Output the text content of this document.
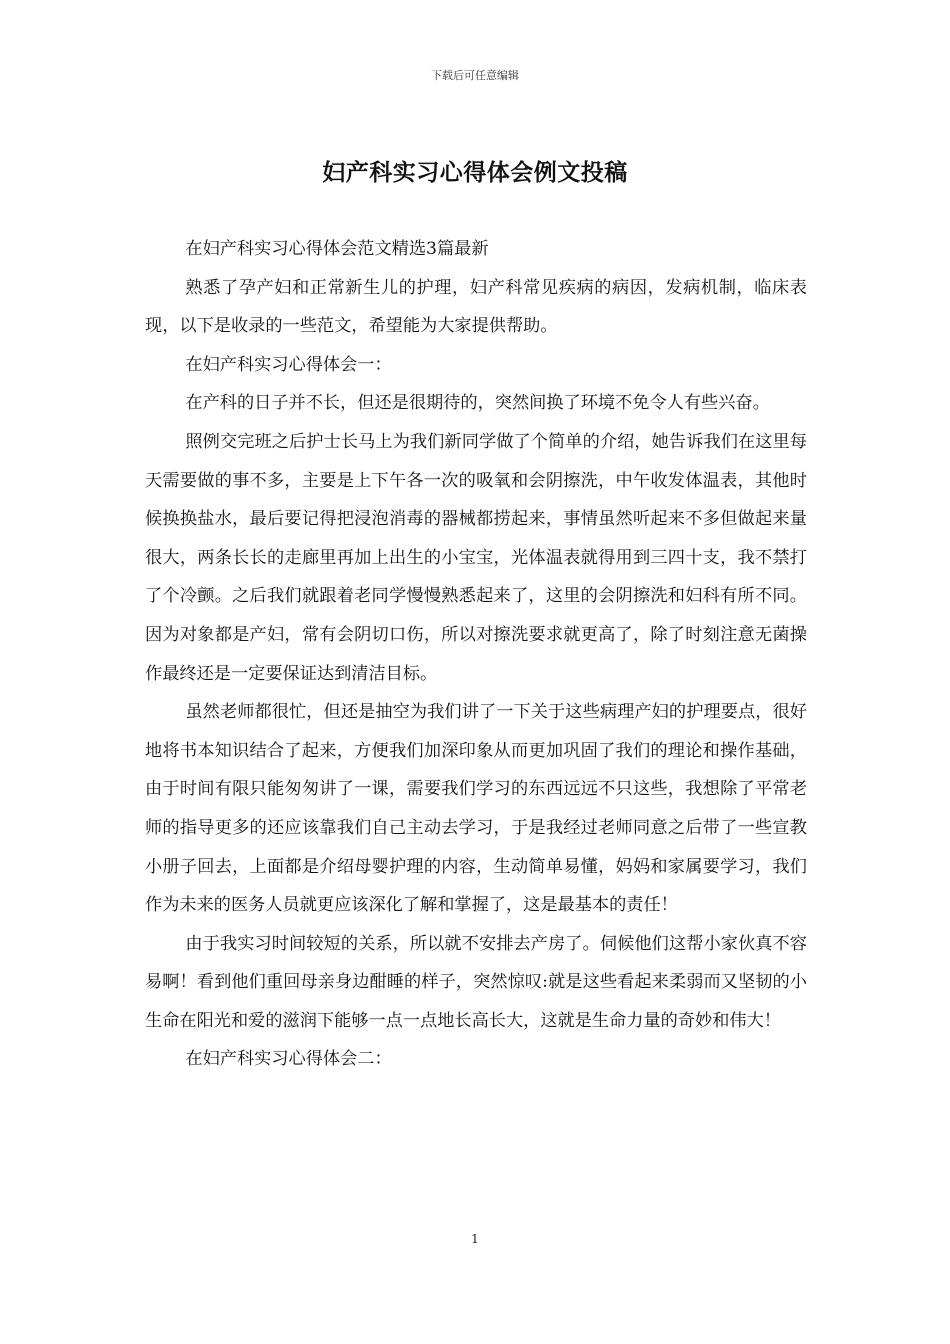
下载后可任意编辑
妇产科实习心得体会例文投稿

在妇产科实习心得体会范文精选3篇最新

熟悉了孕产妇和正常新生儿的护理，妇产科常见疾病的病因，发病机制，临床表现，以下是收录的一些范文，希望能为大家提供帮助。

在妇产科实习心得体会一：

在产科的日子并不长，但还是很期待的，突然间换了环境不免令人有些兴奋。

照例交完班之后护士长马上为我们新同学做了个简单的介绍，她告诉我们在这里每天需要做的事不多，主要是上下午各一次的吸氧和会阴擦洗，中午收发体温表，其他时候换换盐水，最后要记得把浸泡消毒的器械都捞起来，事情虽然听起来不多但做起来量很大，两条长长的走廊里再加上出生的小宝宝，光体温表就得用到三四十支，我不禁打了个冷颤。之后我们就跟着老同学慢慢熟悉起来了，这里的会阴擦洗和妇科有所不同。因为对象都是产妇，常有会阴切口伤，所以对擦洗要求就更高了，除了时刻注意无菌操作最终还是一定要保证达到清洁目标。

虽然老师都很忙，但还是抽空为我们讲了一下关于这些病理产妇的护理要点，很好地将书本知识结合了起来，方便我们加深印象从而更加巩固了我们的理论和操作基础，由于时间有限只能匆匆讲了一课，需要我们学习的东西远远不只这些，我想除了平常老师的指导更多的还应该靠我们自己主动去学习，于是我经过老师同意之后带了一些宣教小册子回去，上面都是介绍母婴护理的内容，生动简单易懂，妈妈和家属要学习，我们作为未来的医务人员就更应该深化了解和掌握了，这是最基本的责任！

由于我实习时间较短的关系，所以就不安排去产房了。伺候他们这帮小家伙真不容易啊！看到他们重回母亲身边酣睡的样子，突然惊叹:就是这些看起来柔弱而又坚韧的小生命在阳光和爱的滋润下能够一点一点地长高长大，这就是生命力量的奇妙和伟大！

在妇产科实习心得体会二：

1
